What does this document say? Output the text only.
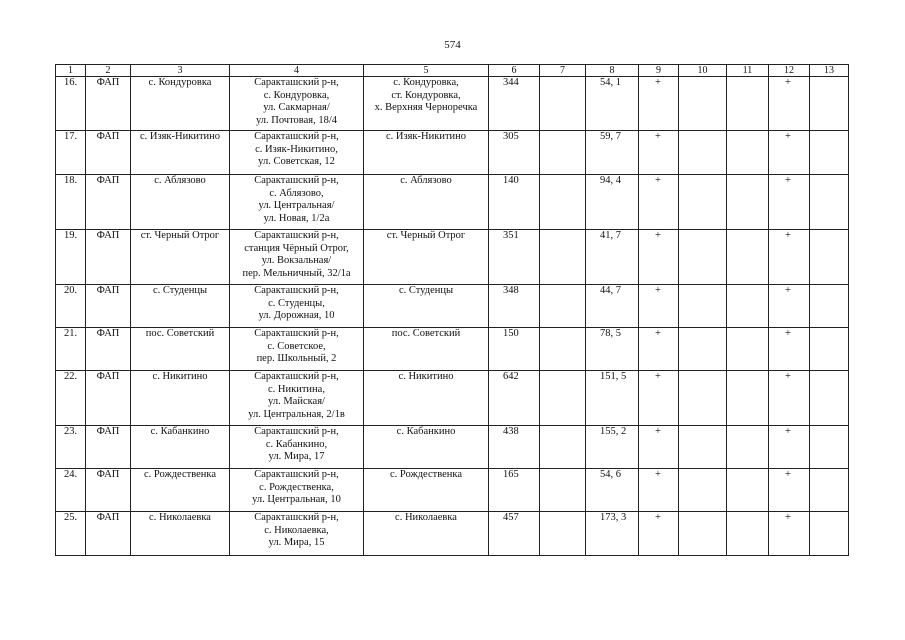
574
1	2	3	4	5	6	7	8	9	10	11	12	13
16.	ФАП	с. Кондуровка	Саракташский р-н,
с. Кондуровка,
ул. Сакмарная/
ул. Почтовая, 18/4	с. Кондуровка,
ст. Кондуровка,
х. Верхняя Черноречка	344		54, 1	+			+	
17.	ФАП	с. Изяк-Никитино	Саракташский р-н,
с. Изяк-Никитино,
ул. Советская, 12	с. Изяк-Никитино	305		59, 7	+			+	
18.	ФАП	с. Аблязово	Саракташский р-н,
с. Аблязово,
ул. Центральная/
ул. Новая, 1/2а	с. Аблязово	140		94, 4	+			+	
19.	ФАП	ст. Черный Отрог	Саракташский р-н,
станция Чёрный Отрог,
ул. Вокзальная/
пер. Мельничный, 32/1а	ст. Черный Отрог	351		41, 7	+			+	
20.	ФАП	с. Студенцы	Саракташский р-н,
с. Студенцы,
ул. Дорожная, 10	с. Студенцы	348		44, 7	+			+	
21.	ФАП	пос. Советский	Саракташский р-н,
с. Советское,
пер. Школьный, 2	пос. Советский	150		78, 5	+			+	
22.	ФАП	с. Никитино	Саракташский р-н,
с. Никитина,
ул. Майская/
ул. Центральная, 2/1в	с. Никитино	642		151, 5	+			+	
23.	ФАП	с. Кабанкино	Саракташский р-н,
с. Кабанкино,
ул. Мира, 17	с. Кабанкино	438		155, 2	+			+	
24.	ФАП	с. Рождественка	Саракташский р-н,
с. Рождественка,
ул. Центральная, 10	с. Рождественка	165		54, 6	+			+	
25.	ФАП	с. Николаевка	Саракташский р-н,
с. Николаевка,
ул. Мира, 15	с. Николаевка	457		173, 3	+			+	
